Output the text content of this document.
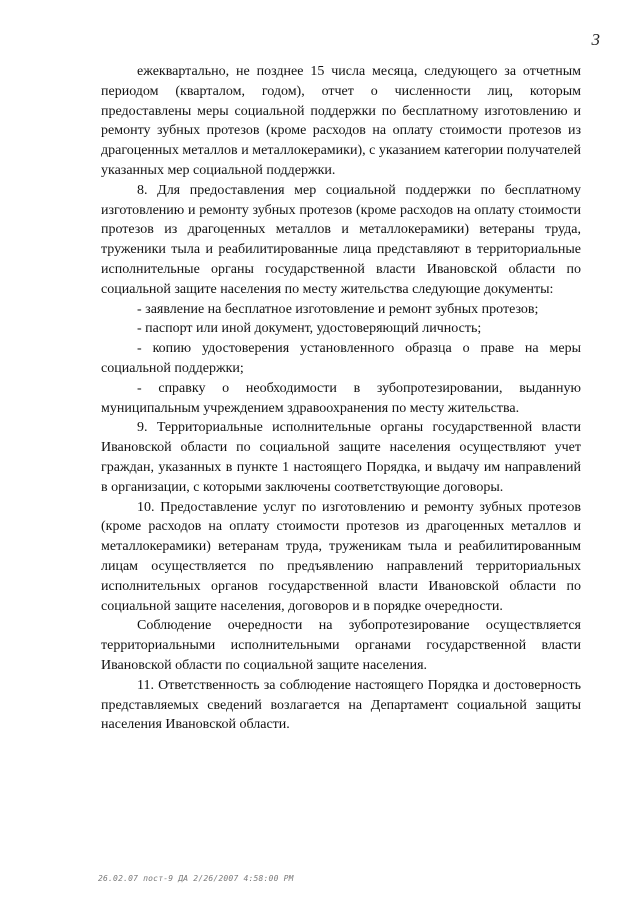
3

ежеквартально, не позднее 15 числа месяца, следующего за отчетным периодом (кварталом, годом), отчет о численности лиц, которым предоставлены меры социальной поддержки по бесплатному изготовлению и ремонту зубных протезов (кроме расходов на оплату стоимости протезов из драгоценных металлов и металлокерамики), с указанием категории получателей указанных мер социальной поддержки.

8. Для предоставления мер социальной поддержки по бесплатному изготовлению и ремонту зубных протезов (кроме расходов на оплату стоимости протезов из драгоценных металлов и металлокерамики) ветераны труда, труженики тыла и реабилитированные лица представляют в территориальные исполнительные органы государственной власти Ивановской области по социальной защите населения по месту жительства следующие документы:

- заявление на бесплатное изготовление и ремонт зубных протезов;

- паспорт или иной документ, удостоверяющий личность;

- копию удостоверения установленного образца о праве на меры социальной поддержки;

- справку о необходимости в зубопротезировании, выданную муниципальным учреждением здравоохранения по месту жительства.

9. Территориальные исполнительные органы государственной власти Ивановской области по социальной защите населения осуществляют учет граждан, указанных в пункте 1 настоящего Порядка, и выдачу им направлений в организации, с которыми заключены соответствующие договоры.

10. Предоставление услуг по изготовлению и ремонту зубных протезов (кроме расходов на оплату стоимости протезов из драгоценных металлов и металлокерамики) ветеранам труда, труженикам тыла и реабилитированным лицам осуществляется по предъявлению направлений территориальных исполнительных органов государственной власти Ивановской области по социальной защите населения, договоров и в порядке очередности.

Соблюдение очередности на зубопротезирование осуществляется территориальными исполнительными органами государственной власти Ивановской области по социальной защите населения.

11. Ответственность за соблюдение настоящего Порядка и достоверность представляемых сведений возлагается на Департамент социальной защиты населения Ивановской области.

26.02.07 пост-9 ДА 2/26/2007 4:58:00 PM
